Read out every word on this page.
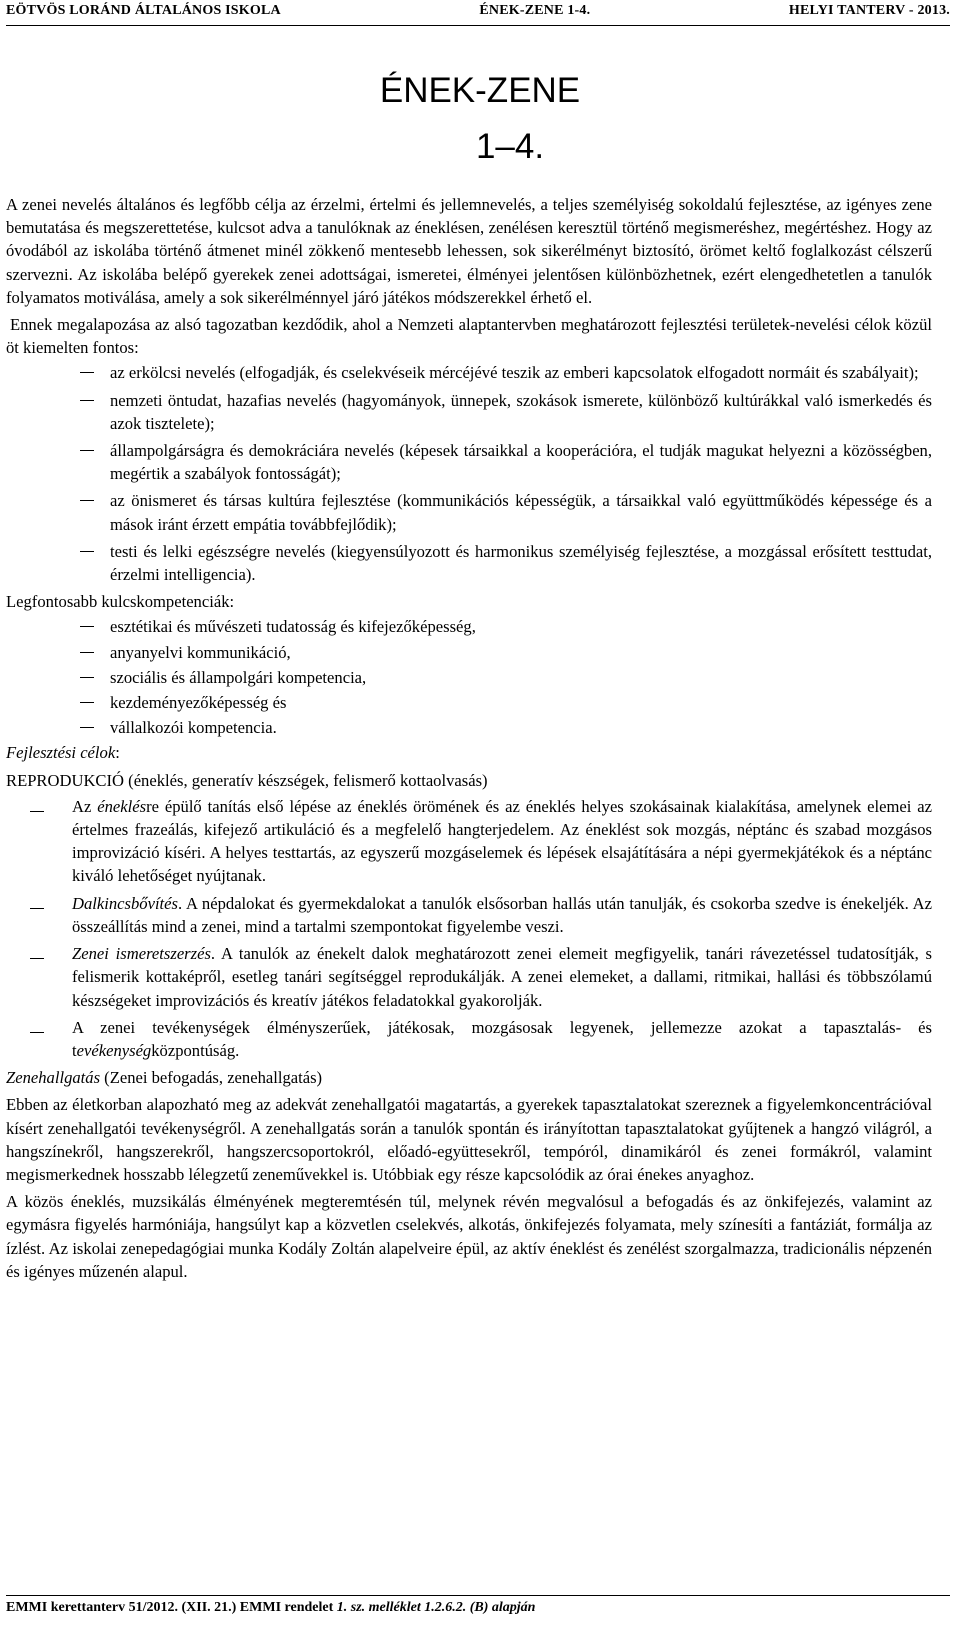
EÖTVÖS LORÁND ÁLTALÁNOS ISKOLA	ÉNEK-ZENE 1-4.	HELYI TANTERV - 2013.
ÉNEK-ZENE
1–4.

A zenei nevelés általános és legfőbb célja az érzelmi, értelmi és jellemnevelés, a teljes személyiség sokoldalú fejlesztése, az igényes zene bemutatása és megszerettetése, kulcsot adva a tanulóknak az éneklésen, zenélésen keresztül történő megismeréshez, megértéshez. Hogy az óvodából az iskolába történő átmenet minél zökkenő mentesebb lehessen, sok sikerélményt biztosító, örömet keltő foglalkozást célszerű szervezni. Az iskolába belépő gyerekek zenei adottságai, ismeretei, élményei jelentősen különbözhetnek, ezért elengedhetetlen a tanulók folyamatos motiválása, amely a sok sikerélménnyel járó játékos módszerekkel érhető el.

Ennek megalapozása az alsó tagozatban kezdődik, ahol a Nemzeti alaptantervben meghatározott fejlesztési területek-nevelési célok közül öt kiemelten fontos:

az erkölcsi nevelés (elfogadják, és cselekvéseik mércéjévé teszik az emberi kapcsolatok elfogadott normáit és szabályait);
nemzeti öntudat, hazafias nevelés (hagyományok, ünnepek, szokások ismerete, különböző kultúrákkal való ismerkedés és azok tisztelete);
állampolgárságra és demokráciára nevelés (képesek társaikkal a kooperációra, el tudják magukat helyezni a közösségben, megértik a szabályok fontosságát);
az önismeret és társas kultúra fejlesztése (kommunikációs képességük, a társaikkal való együttműködés képessége és a mások iránt érzett empátia továbbfejlődik);
testi és lelki egészségre nevelés (kiegyensúlyozott és harmonikus személyiség fejlesztése, a mozgással erősített testtudat, érzelmi intelligencia).

Legfontosabb kulcskompetenciák:

esztétikai és művészeti tudatosság és kifejezőképesség,
anyanyelvi kommunikáció,
szociális és állampolgári kompetencia,
kezdeményezőképesség és
vállalkozói kompetencia.

Fejlesztési célok:

REPRODUKCIÓ (éneklés, generatív készségek, felismerő kottaolvasás)

Az éneklésre épülő tanítás első lépése az éneklés örömének és az éneklés helyes szokásainak kialakítása, amelynek elemei az értelmes frazeálás, kifejező artikuláció és a megfelelő hangterjedelem. Az éneklést sok mozgás, néptánc és szabad mozgásos improvizáció kíséri. A helyes testtartás, az egyszerű mozgáselemek és lépések elsajátítására a népi gyermekjátékok és a néptánc kiváló lehetőséget nyújtanak.
Dalkincsbővítés. A népdalokat és gyermekdalokat a tanulók elsősorban hallás után tanulják, és csokorba szedve is énekeljék. Az összeállítás mind a zenei, mind a tartalmi szempontokat figyelembe veszi.
Zenei ismeretszerzés. A tanulók az énekelt dalok meghatározott zenei elemeit megfigyelik, tanári rávezetéssel tudatosítják, s felismerik kottaképről, esetleg tanári segítséggel reprodukálják. A zenei elemeket, a dallami, ritmikai, hallási és többszólamú készségeket improvizációs és kreatív játékos feladatokkal gyakorolják.
A zenei tevékenységek élményszerűek, játékosak, mozgásosak legyenek, jellemezze azokat a tapasztalás- és tevékenységközpontúság.

Zenehallgatás (Zenei befogadás, zenehallgatás)

Ebben az életkorban alapozható meg az adekvát zenehallgatói magatartás, a gyerekek tapasztalatokat szereznek a figyelemkoncentrációval kísért zenehallgatói tevékenységről. A zenehallgatás során a tanulók spontán és irányítottan tapasztalatokat gyűjtenek a hangzó világról, a hangszínekről, hangszerekről, hangszercsoportokról, előadó-együttesekről, tempóról, dinamikáról és zenei formákról, valamint megismerkednek hosszabb lélegzetű zeneművekkel is. Utóbbiak egy része kapcsolódik az órai énekes anyaghoz.

A közös éneklés, muzsikálás élményének megteremtésén túl, melynek révén megvalósul a befogadás és az önkifejezés, valamint az egymásra figyelés harmóniája, hangsúlyt kap a közvetlen cselekvés, alkotás, önkifejezés folyamata, mely színesíti a fantáziát, formálja az ízlést. Az iskolai zenepedagógiai munka Kodály Zoltán alapelveire épül, az aktív éneklést és zenélést szorgalmazza, tradicionális népzenén és igényes műzenén alapul.

EMMI kerettanterv 51/2012. (XII. 21.) EMMI rendelet 1. sz. melléklet 1.2.6.2. (B) alapján
